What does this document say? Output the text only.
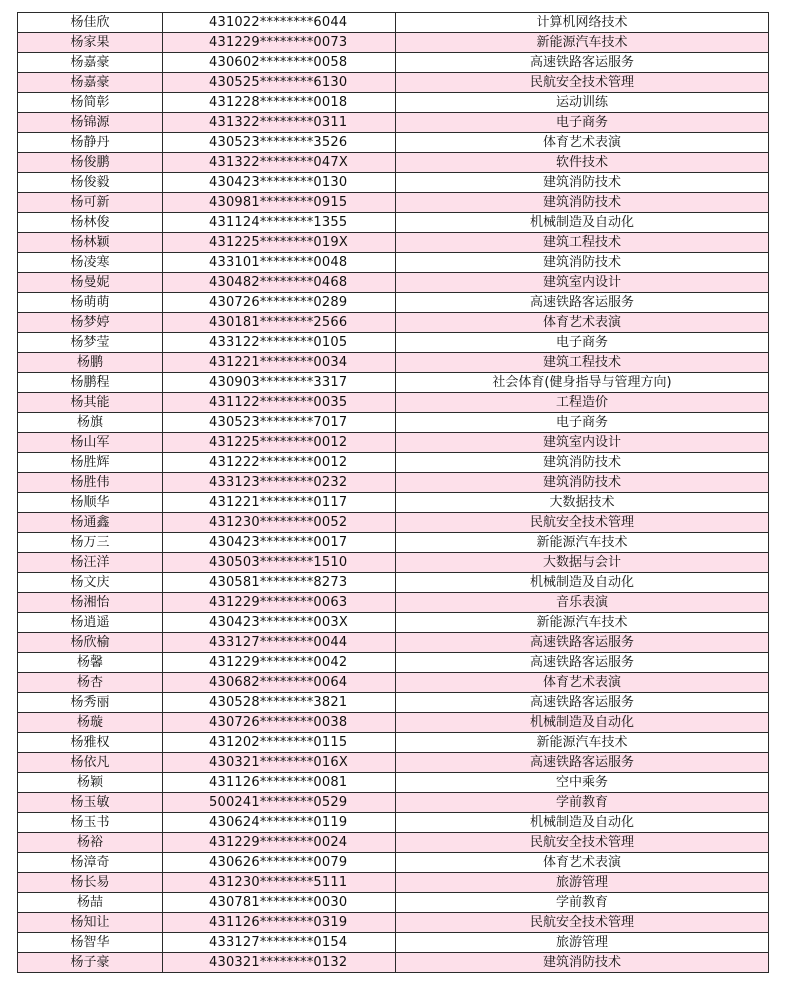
杨佳欣	431022********6044	计算机网络技术
杨家果	431229********0073	新能源汽车技术
杨嘉豪	430602********0058	高速铁路客运服务
杨嘉豪	430525********6130	民航安全技术管理
杨简彰	431228********0018	运动训练
杨锦源	431322********0311	电子商务
杨静丹	430523********3526	体育艺术表演
杨俊鹏	431322********047X	软件技术
杨俊毅	430423********0130	建筑消防技术
杨可新	430981********0915	建筑消防技术
杨林俊	431124********1355	机械制造及自动化
杨林颖	431225********019X	建筑工程技术
杨凌寒	433101********0048	建筑消防技术
杨曼妮	430482********0468	建筑室内设计
杨萌萌	430726********0289	高速铁路客运服务
杨梦婷	430181********2566	体育艺术表演
杨梦莹	433122********0105	电子商务
杨鹏	431221********0034	建筑工程技术
杨鹏程	430903********3317	社会体育(健身指导与管理方向)
杨其能	431122********0035	工程造价
杨旗	430523********7017	电子商务
杨山军	431225********0012	建筑室内设计
杨胜辉	431222********0012	建筑消防技术
杨胜伟	433123********0232	建筑消防技术
杨顺华	431221********0117	大数据技术
杨通鑫	431230********0052	民航安全技术管理
杨万三	430423********0017	新能源汽车技术
杨汪洋	430503********1510	大数据与会计
杨文庆	430581********8273	机械制造及自动化
杨湘怡	431229********0063	音乐表演
杨逍遥	430423********003X	新能源汽车技术
杨欣榆	433127********0044	高速铁路客运服务
杨馨	431229********0042	高速铁路客运服务
杨杏	430682********0064	体育艺术表演
杨秀丽	430528********3821	高速铁路客运服务
杨璇	430726********0038	机械制造及自动化
杨雅权	431202********0115	新能源汽车技术
杨依凡	430321********016X	高速铁路客运服务
杨颖	431126********0081	空中乘务
杨玉敏	500241********0529	学前教育
杨玉书	430624********0119	机械制造及自动化
杨裕	431229********0024	民航安全技术管理
杨漳奇	430626********0079	体育艺术表演
杨长易	431230********5111	旅游管理
杨喆	430781********0030	学前教育
杨知让	431126********0319	民航安全技术管理
杨智华	433127********0154	旅游管理
杨子豪	430321********0132	建筑消防技术
